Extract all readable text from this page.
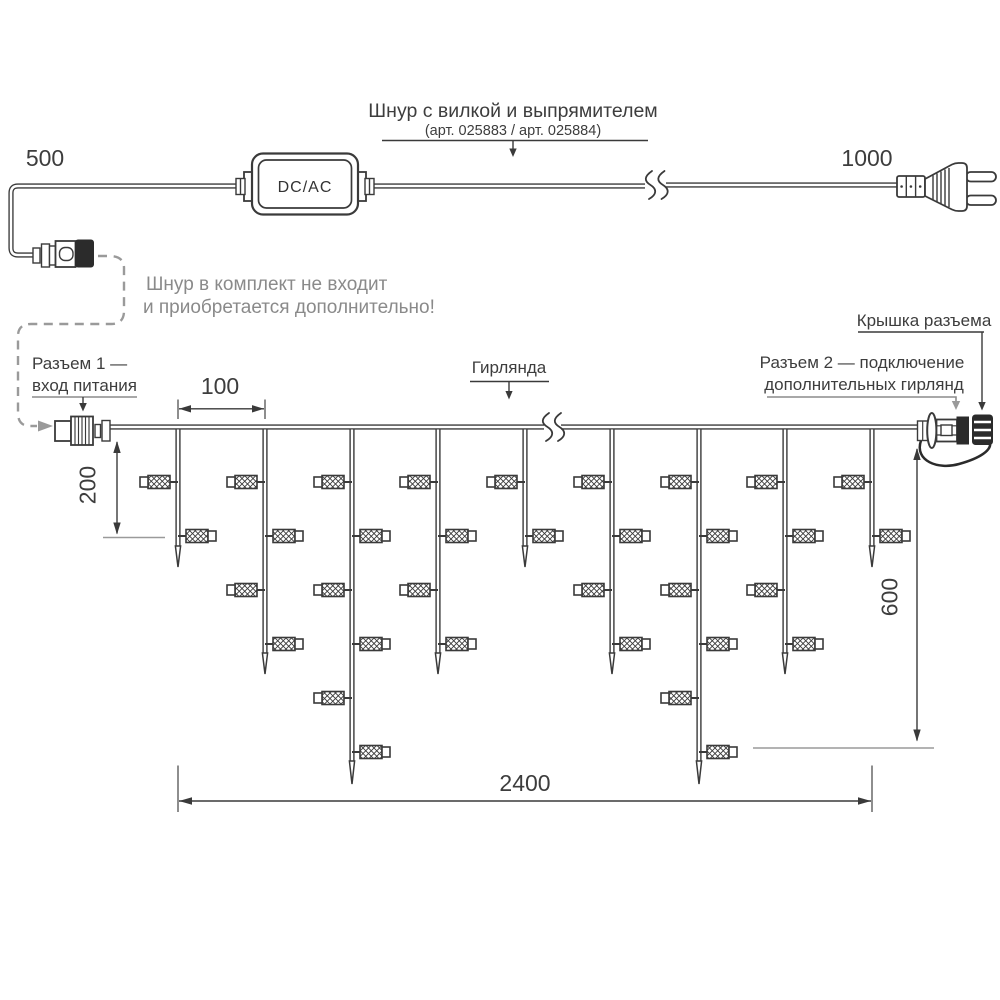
DC/AC
500	1000
Шнур с вилкой и выпрямителем
(арт. 025883 / арт. 025884)
Шнур в комплект не входит
и приобретается дополнительно!
Разъем 1 —
вход питания
Гирлянда	Разъем 2 — подключение
дополнительных гирлянд
Крышка разъема
100
200
600
2400
